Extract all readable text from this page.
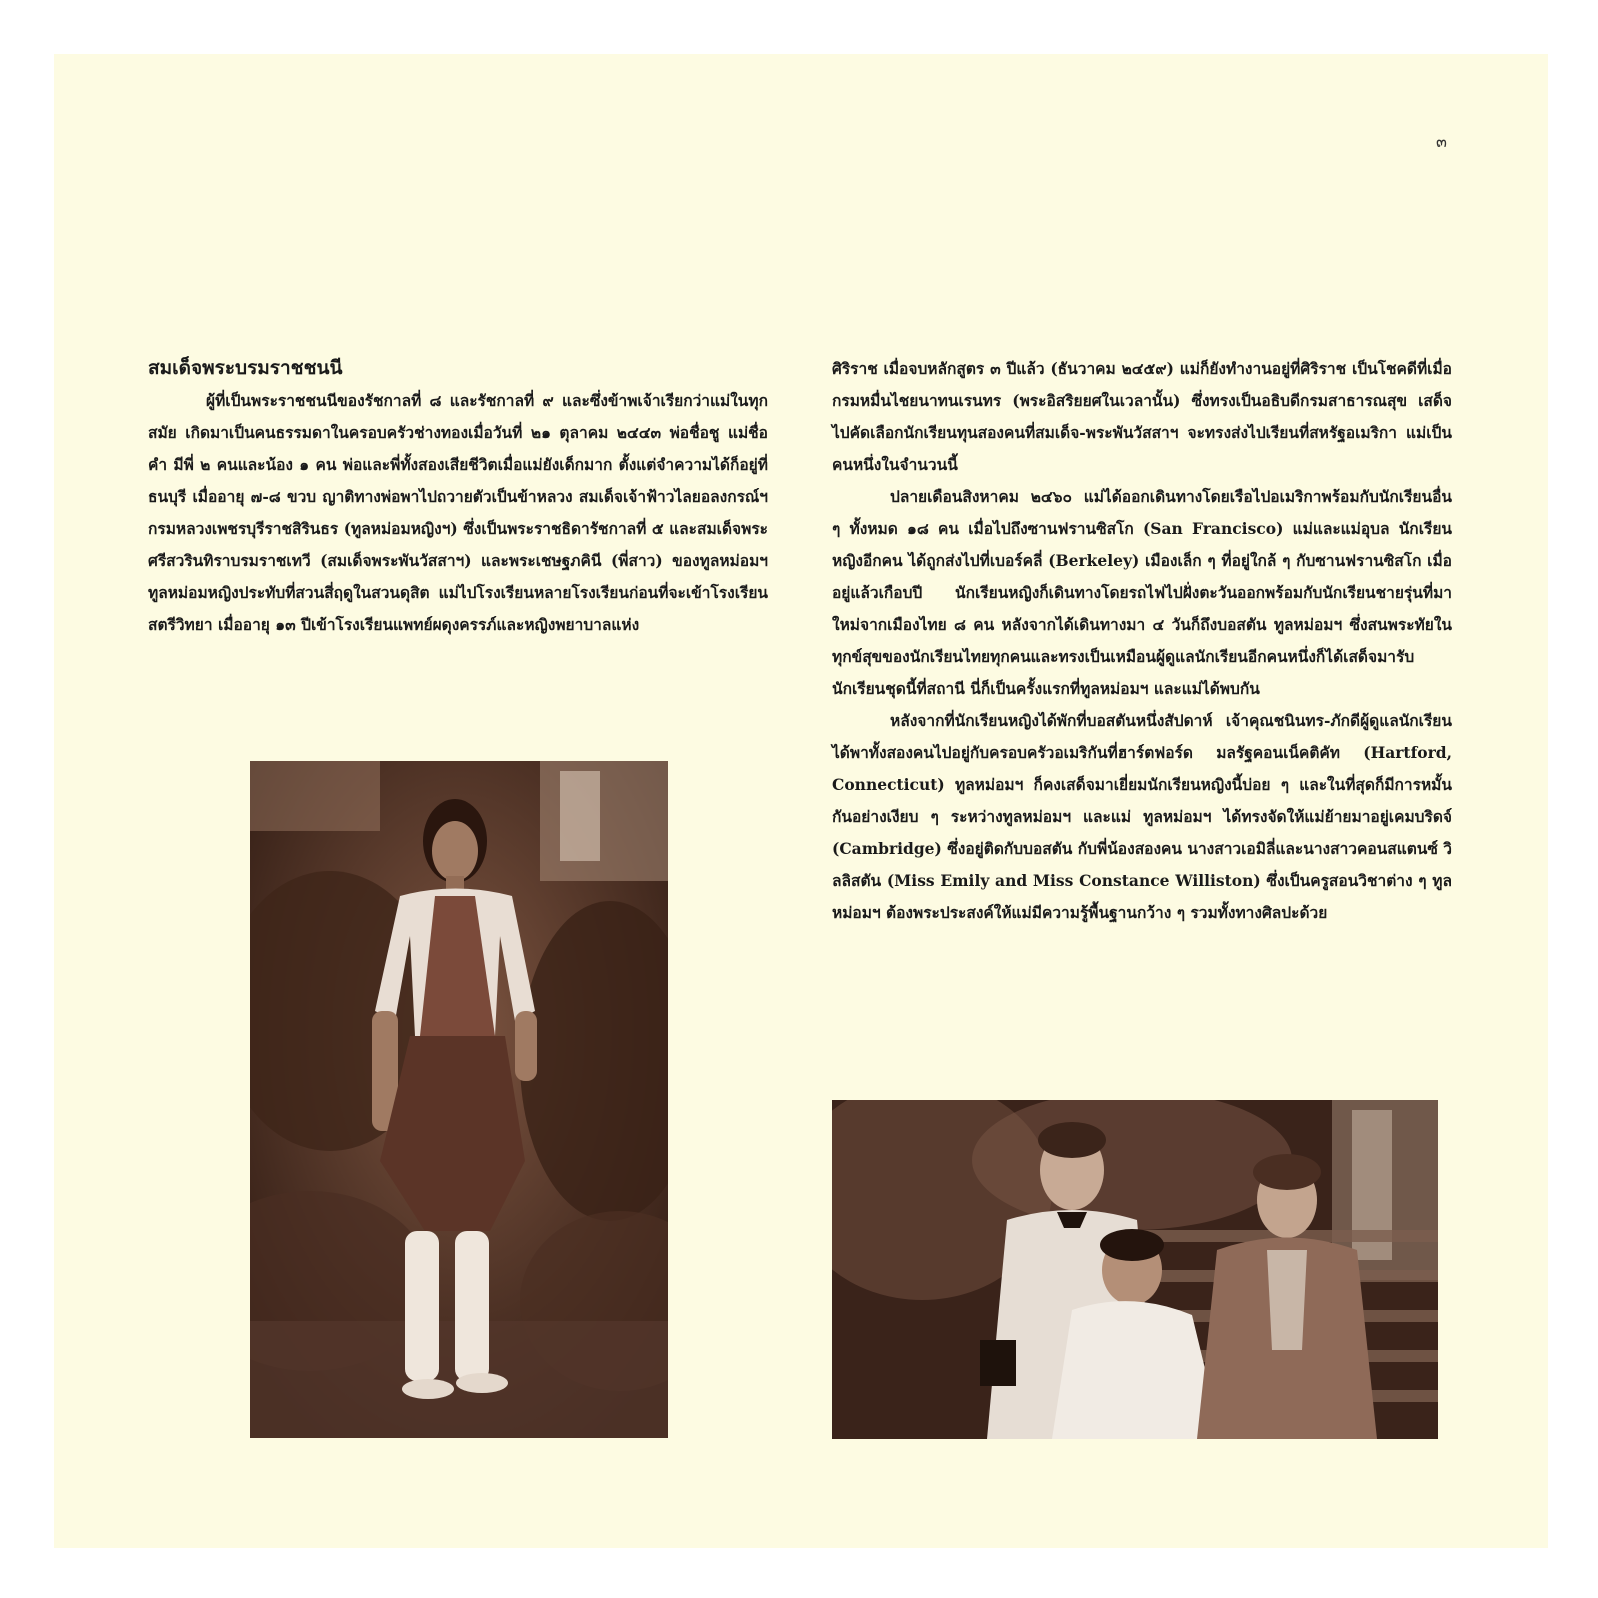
๓
สมเด็จพระบรมราชชนนี

ผู้ที่เป็นพระราชชนนีของรัชกาลที่ ๘ และรัชกาลที่ ๙ และซึ่งข้าพเจ้าเรียกว่าแม่ในทุกสมัย เกิดมาเป็นคนธรรมดาในครอบครัวช่างทองเมื่อวันที่ ๒๑ ตุลาคม ๒๔๔๓ พ่อชื่อชู แม่ชื่อคำ มีพี่ ๒ คนและน้อง ๑ คน พ่อและพี่ทั้งสองเสียชีวิตเมื่อแม่ยังเด็กมาก ตั้งแต่จำความได้ก็อยู่ที่ธนบุรี เมื่ออายุ ๗-๘ ขวบ ญาติทางพ่อพาไปถวายตัวเป็นข้าหลวง สมเด็จเจ้าฟ้าวไลยอลงกรณ์ฯ กรมหลวงเพชรบุรีราชสิรินธร (ทูลหม่อมหญิงฯ) ซึ่งเป็นพระราชธิดารัชกาลที่ ๕ และสมเด็จพระศรีสวรินทิราบรมราชเทวี (สมเด็จพระพันวัสสาฯ) และพระเชษฐภคินี (พี่สาว) ของทูลหม่อมฯ ทูลหม่อมหญิงประทับที่สวนสี่ฤดูในสวนดุสิต แม่ไปโรงเรียนหลายโรงเรียนก่อนที่จะเข้าโรงเรียนสตรีวิทยา เมื่ออายุ ๑๓ ปีเข้าโรงเรียนแพทย์ผดุงครรภ์และหญิงพยาบาลแห่ง

ศิริราช เมื่อจบหลักสูตร ๓ ปีแล้ว (ธันวาคม ๒๔๕๙) แม่ก็ยังทำงานอยู่ที่ศิริราช เป็นโชคดีที่เมื่อกรมหมื่นไชยนาทนเรนทร (พระอิสริยยศในเวลานั้น) ซึ่งทรงเป็นอธิบดีกรมสาธารณสุข เสด็จไปคัดเลือกนักเรียนทุนสองคนที่สมเด็จ-พระพันวัสสาฯ จะทรงส่งไปเรียนที่สหรัฐอเมริกา แม่เป็นคนหนึ่งในจำนวนนี้

ปลายเดือนสิงหาคม ๒๔๖๐ แม่ได้ออกเดินทางโดยเรือไปอเมริกาพร้อมกับนักเรียนอื่น ๆ ทั้งหมด ๑๘ คน เมื่อไปถึงซานฟรานซิสโก (San Francisco) แม่และแม่อุบล นักเรียนหญิงอีกคน ได้ถูกส่งไปที่เบอร์คลี่ (Berkeley) เมืองเล็ก ๆ ที่อยู่ใกล้ ๆ กับซานฟรานซิสโก เมื่ออยู่แล้วเกือบปี นักเรียนหญิงก็เดินทางโดยรถไฟไปฝั่งตะวันออกพร้อมกับนักเรียนชายรุ่นที่มาใหม่จากเมืองไทย ๘ คน หลังจากได้เดินทางมา ๔ วันก็ถึงบอสตัน ทูลหม่อมฯ ซึ่งสนพระทัยในทุกข์สุขของนักเรียนไทยทุกคนและทรงเป็นเหมือนผู้ดูแลนักเรียนอีกคนหนึ่งก็ได้เสด็จมารับนักเรียนชุดนี้ที่สถานี นี่ก็เป็นครั้งแรกที่ทูลหม่อมฯ และแม่ได้พบกัน

หลังจากที่นักเรียนหญิงได้พักที่บอสตันหนึ่งสัปดาห์ เจ้าคุณชนินทร-ภักดีผู้ดูแลนักเรียน ได้พาทั้งสองคนไปอยู่กับครอบครัวอเมริกันที่ฮาร์ตฟอร์ด มลรัฐคอนเน็คติคัท (Hartford, Connecticut) ทูลหม่อมฯ ก็คงเสด็จมาเยี่ยมนักเรียนหญิงนี้บ่อย ๆ และในที่สุดก็มีการหมั้นกันอย่างเงียบ ๆ ระหว่างทูลหม่อมฯ และแม่ ทูลหม่อมฯ ได้ทรงจัดให้แม่ย้ายมาอยู่เคมบริดจ์ (Cambridge) ซึ่งอยู่ติดกับบอสตัน กับพี่น้องสองคน นางสาวเอมิลี่และนางสาวคอนสแตนซ์ วิลลิสตัน (Miss Emily and Miss Constance Williston) ซึ่งเป็นครูสอนวิชาต่าง ๆ ทูลหม่อมฯ ต้องพระประสงค์ให้แม่มีความรู้พื้นฐานกว้าง ๆ รวมทั้งทางศิลปะด้วย
